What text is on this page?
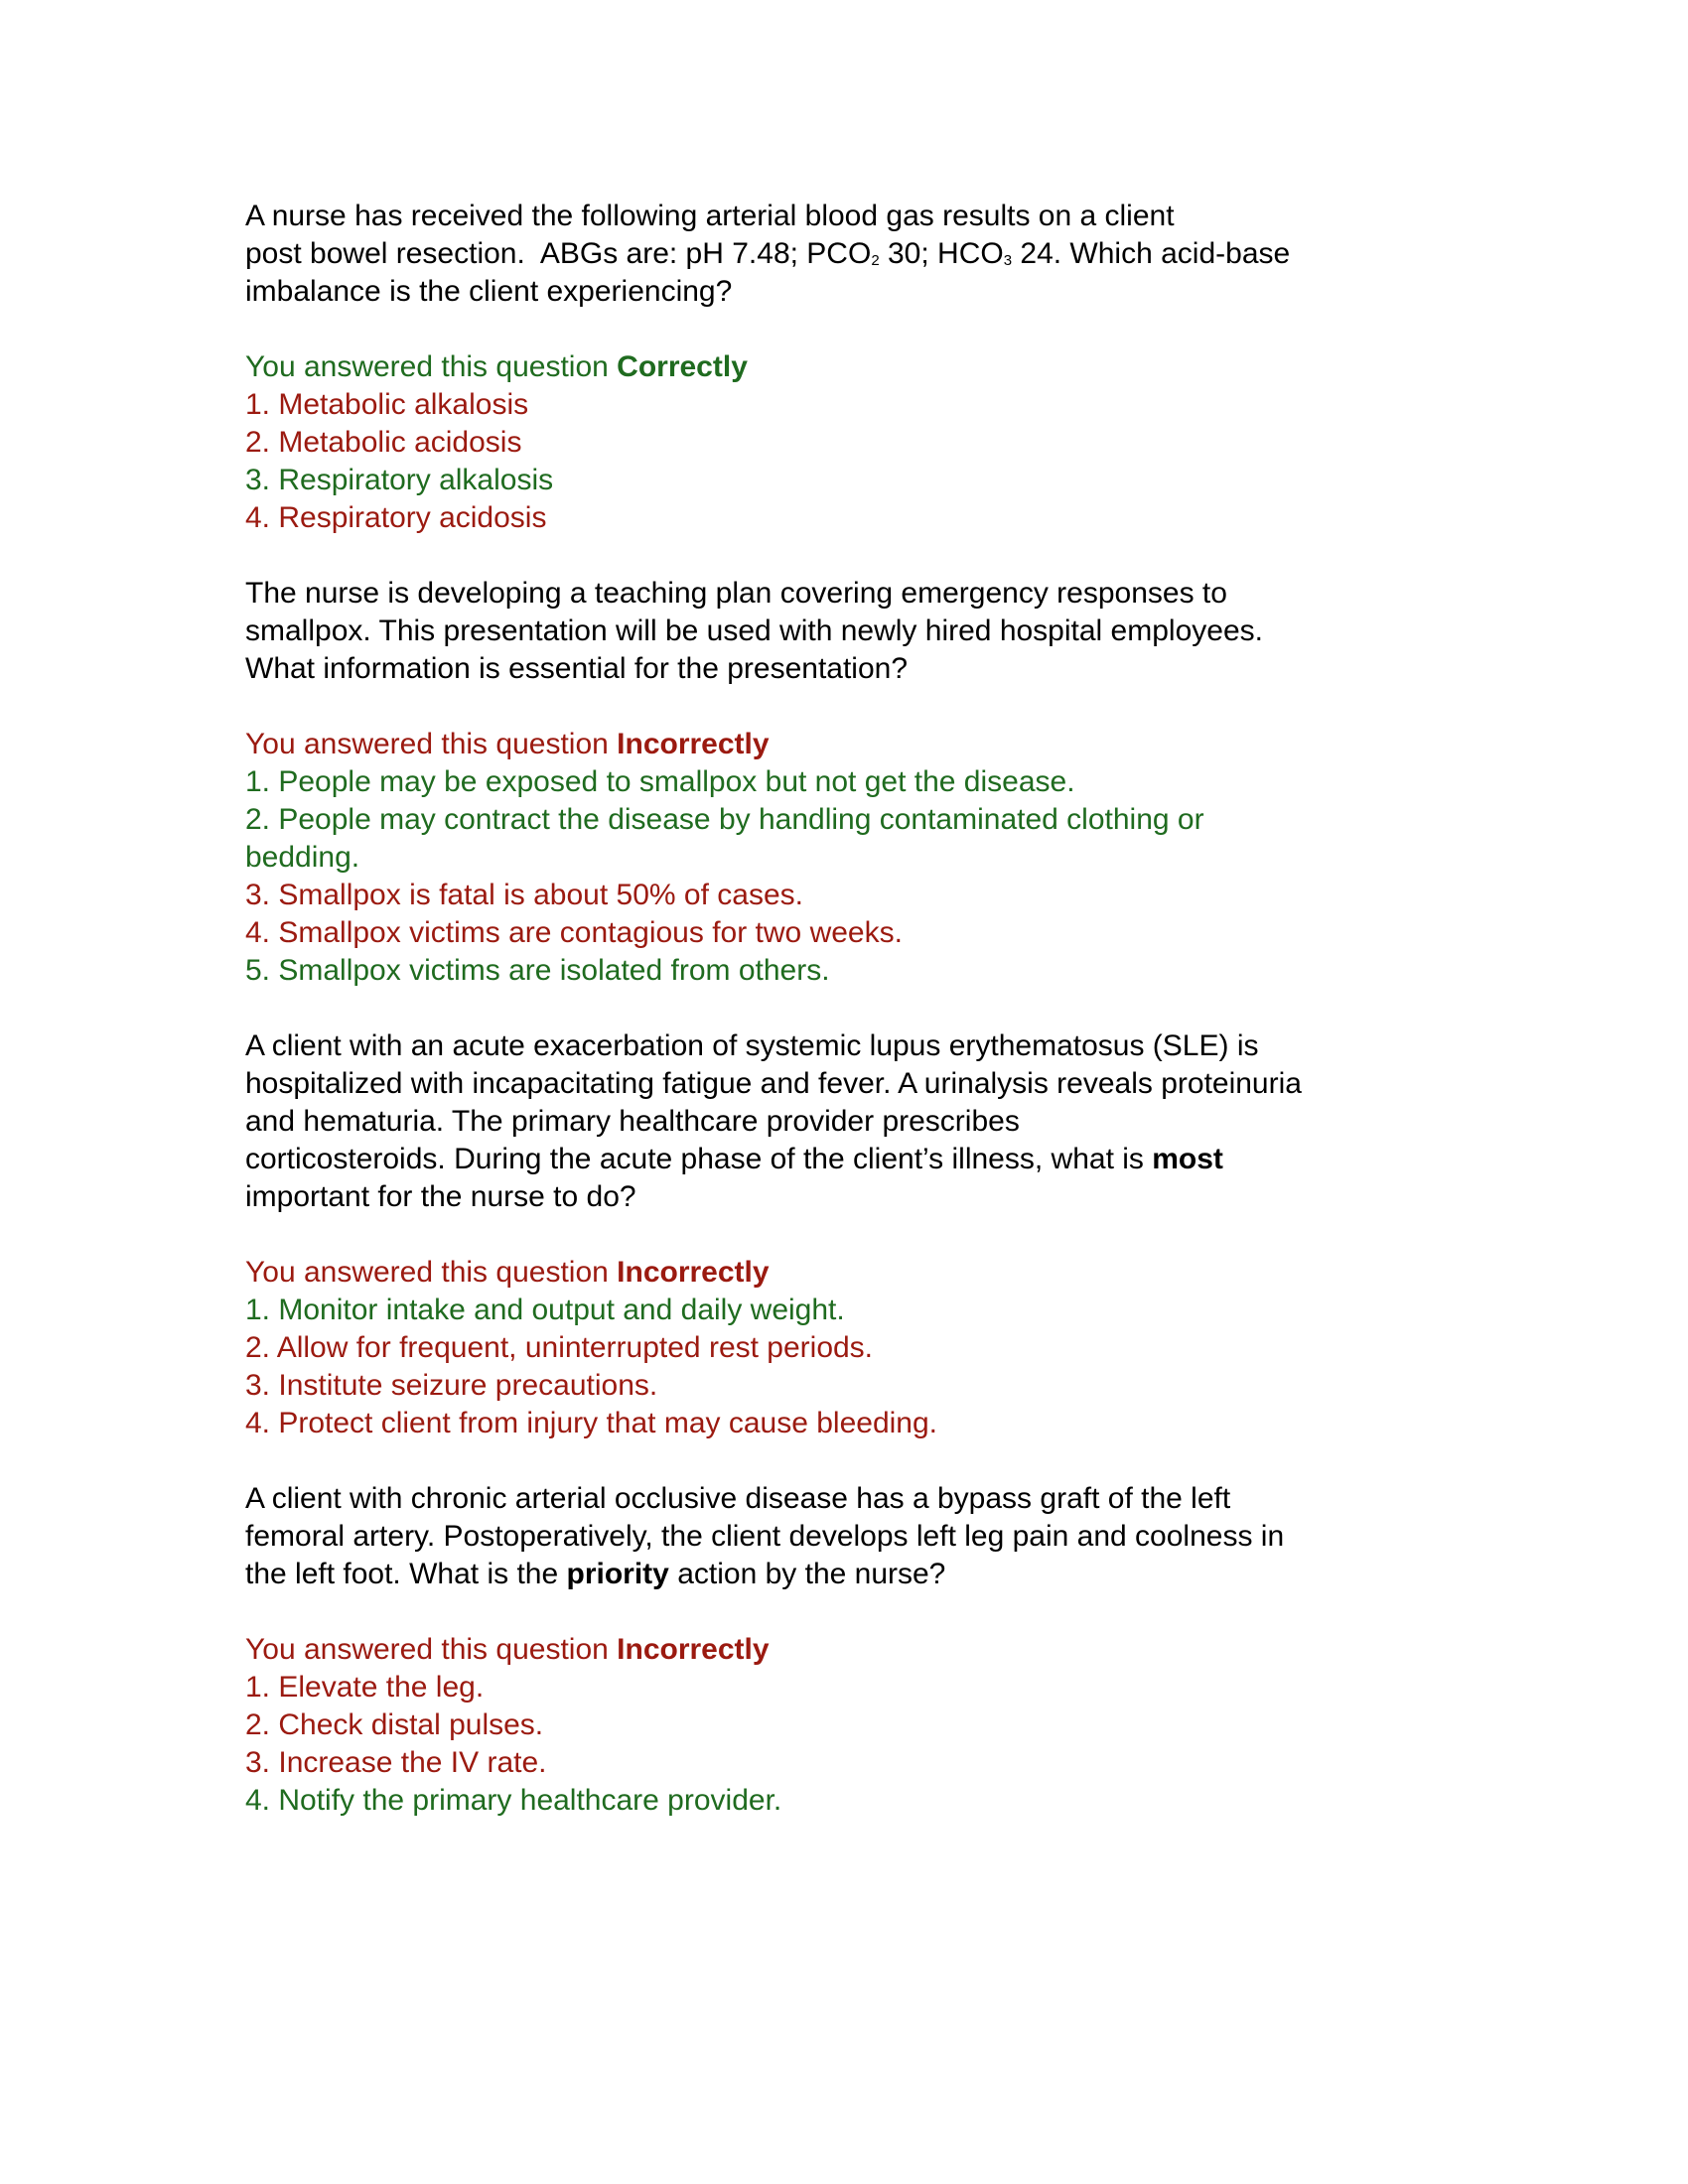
A nurse has received the following arterial blood gas results on a client
post bowel resection.  ABGs are: pH 7.48; $PCO_2$ 30; $HCO_3$ 24. Which acid-base
imbalance is the client experiencing?
You answered this question Correctly
1. Metabolic alkalosis
2. Metabolic acidosis
3. Respiratory alkalosis
4. Respiratory acidosis
The nurse is developing a teaching plan covering emergency responses to
smallpox. This presentation will be used with newly hired hospital employees.
What information is essential for the presentation?
You answered this question Incorrectly
1. People may be exposed to smallpox but not get the disease.
2. People may contract the disease by handling contaminated clothing or
bedding.
3. Smallpox is fatal is about 50% of cases.
4. Smallpox victims are contagious for two weeks.
5. Smallpox victims are isolated from others.
A client with an acute exacerbation of systemic lupus erythematosus (SLE) is
hospitalized with incapacitating fatigue and fever. A urinalysis reveals proteinuria
and hematuria. The primary healthcare provider prescribes
corticosteroids. During the acute phase of the client’s illness, what is most
important for the nurse to do?
You answered this question Incorrectly
1. Monitor intake and output and daily weight.
2. Allow for frequent, uninterrupted rest periods.
3. Institute seizure precautions.
4. Protect client from injury that may cause bleeding.
A client with chronic arterial occlusive disease has a bypass graft of the left
femoral artery. Postoperatively, the client develops left leg pain and coolness in
the left foot. What is the priority action by the nurse?
You answered this question Incorrectly
1. Elevate the leg.
2. Check distal pulses.
3. Increase the IV rate.
4. Notify the primary healthcare provider.
